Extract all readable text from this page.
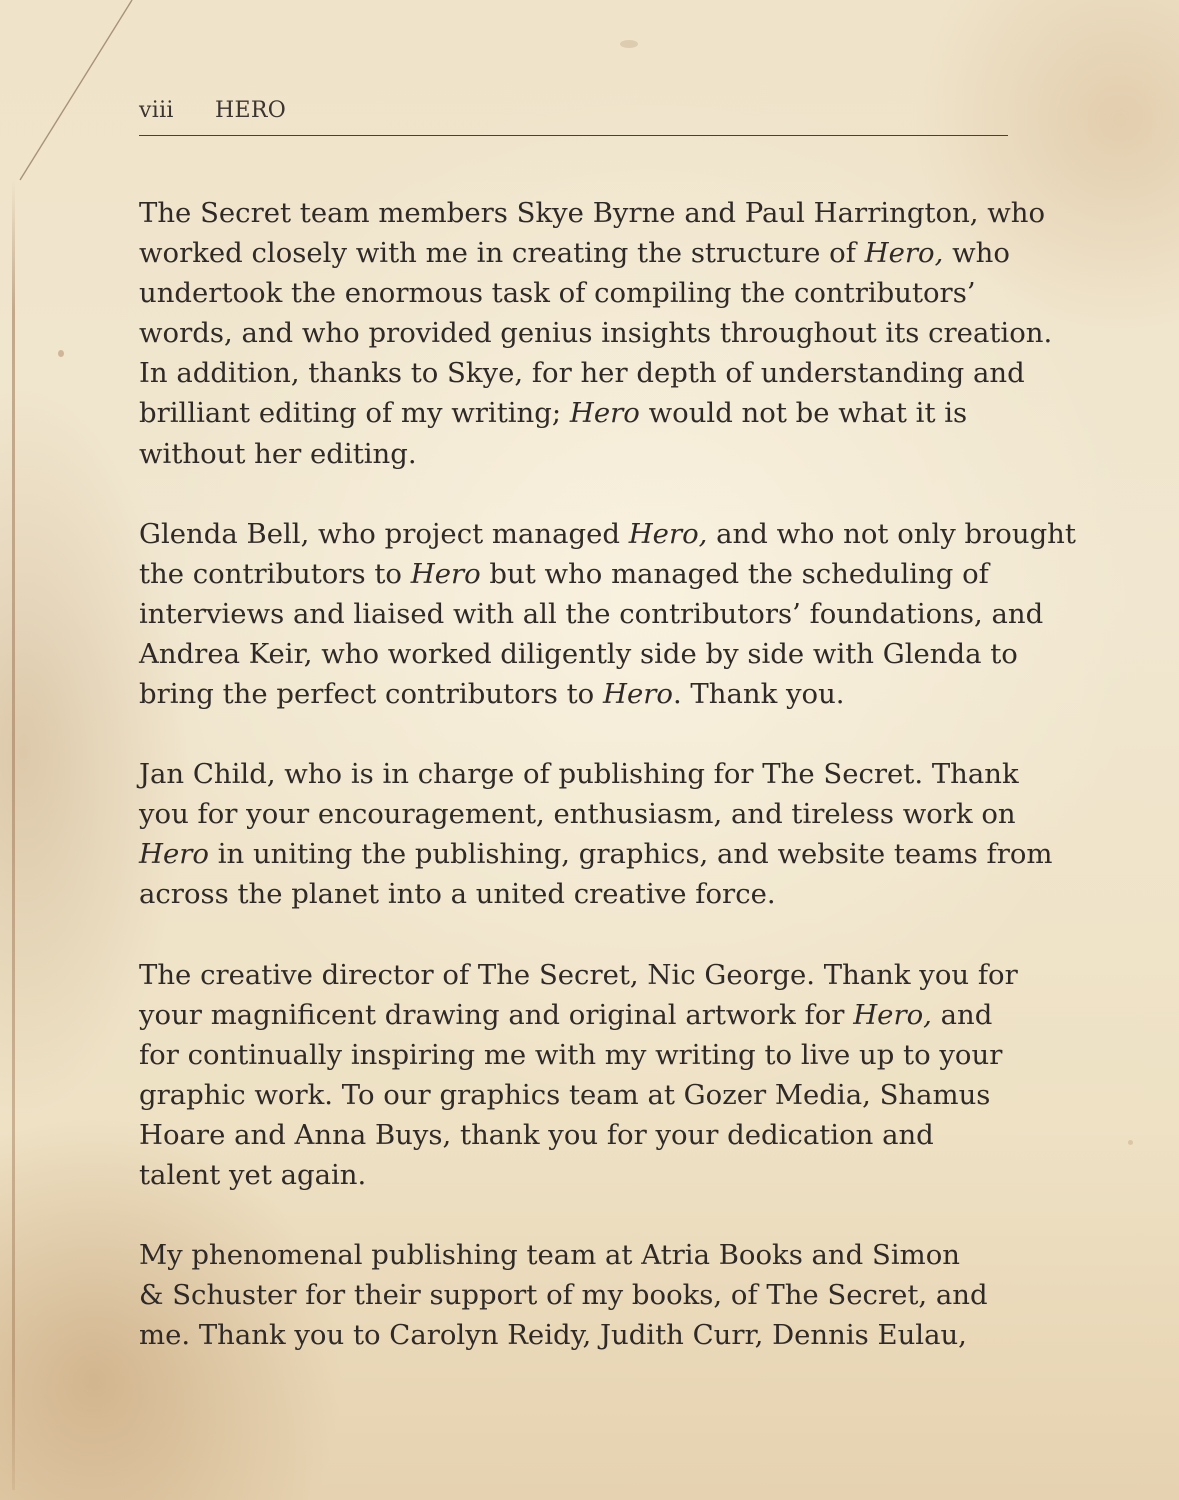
viii HERO

The Secret team members Skye Byrne and Paul Harrington, who
worked closely with me in creating the structure of Hero, who
undertook the enormous task of compiling the contributors’
words, and who provided genius insights throughout its creation.
In addition, thanks to Skye, for her depth of understanding and
brilliant editing of my writing; Hero would not be what it is
without her editing.

Glenda Bell, who project managed Hero, and who not only brought
the contributors to Hero but who managed the scheduling of
interviews and liaised with all the contributors’ foundations, and
Andrea Keir, who worked diligently side by side with Glenda to
bring the perfect contributors to Hero. Thank you.

Jan Child, who is in charge of publishing for The Secret. Thank
you for your encouragement, enthusiasm, and tireless work on
Hero in uniting the publishing, graphics, and website teams from
across the planet into a united creative force.

The creative director of The Secret, Nic George. Thank you for
your magnificent drawing and original artwork for Hero, and
for continually inspiring me with my writing to live up to your
graphic work. To our graphics team at Gozer Media, Shamus
Hoare and Anna Buys, thank you for your dedication and
talent yet again.

My phenomenal publishing team at Atria Books and Simon
& Schuster for their support of my books, of The Secret, and
me. Thank you to Carolyn Reidy, Judith Curr, Dennis Eulau,
